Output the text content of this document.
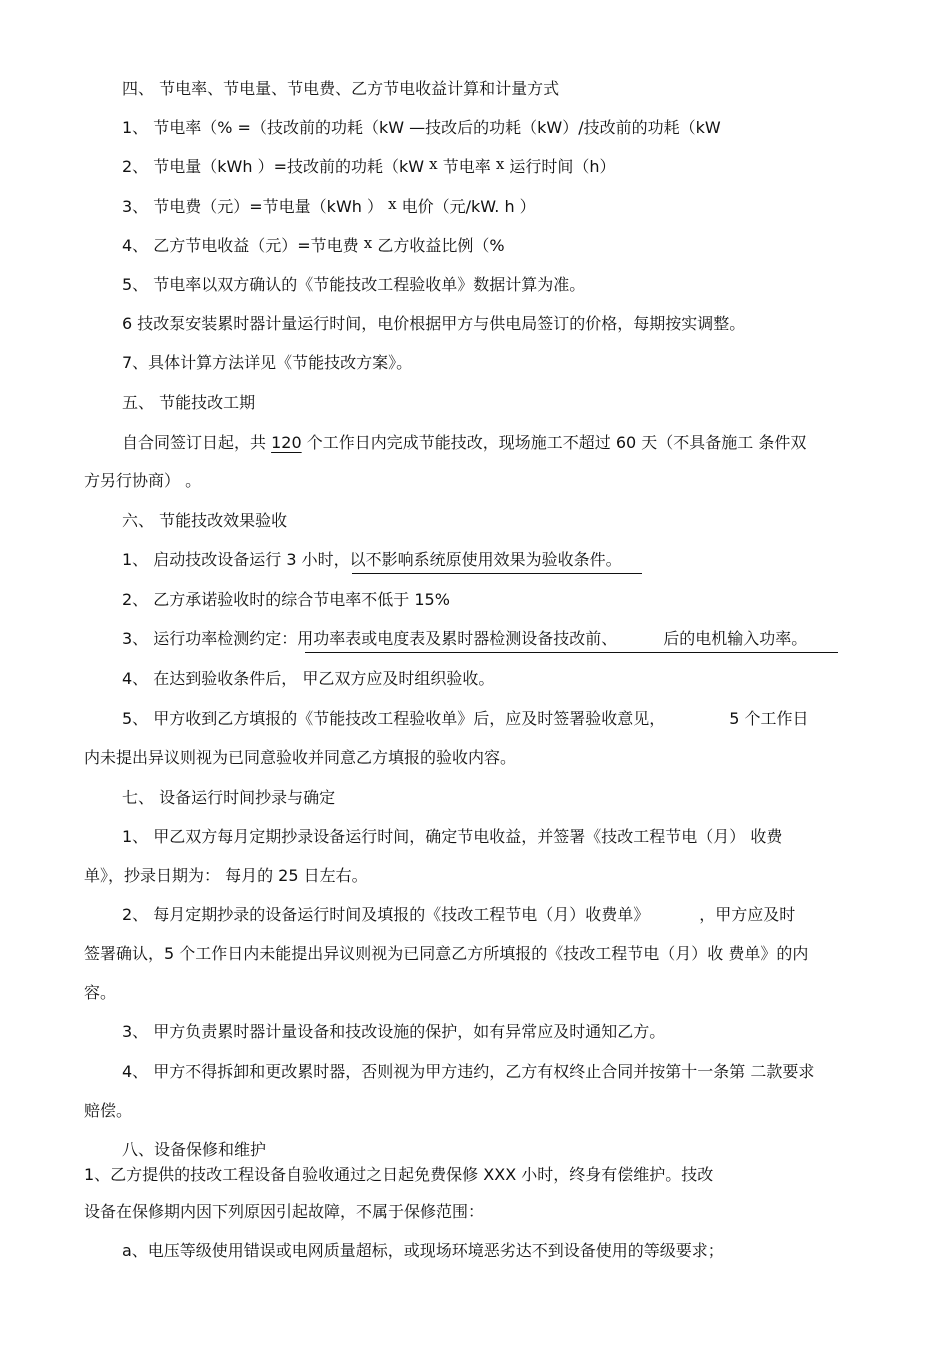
四、 节电率、节电量、节电费、乙方节电收益计算和计量方式
1、 节电率（% =（技改前的功耗（kW —技改后的功耗（kW）/技改前的功耗（kW
2、 节电量（kWh ）=技改前的功耗（kW x 节电率 x 运行时间（h）
3、 节电费（元）=节电量（kWh ） x 电价（元/kW. h ）
4、 乙方节电收益（元）=节电费 x 乙方收益比例（%
5、 节电率以双方确认的《节能技改工程验收单》数据计算为准。
6 技改泵安装累时器计量运行时间，电价根据甲方与供电局签订的价格，每期按实调整。
7、具体计算方法详见《节能技改方案》。
五、 节能技改工期
自合同签订日起，共 120 个工作日内完成节能技改，现场施工不超过 60 天（不具备施工 条件双
方另行协商） 。
六、 节能技改效果验收
1、 启动技改设备运行 3 小时，以不影响系统原使用效果为验收条件。
2、 乙方承诺验收时的综合节电率不低于 15%
3、 运行功率检测约定：用功率表或电度表及累时器检测设备技改前、	后的电机输入功率。
4、 在达到验收条件后， 甲乙双方应及时组织验收。
5、 甲方收到乙方填报的《节能技改工程验收单》后，应及时签署验收意见，	5 个工作日
内未提出异议则视为已同意验收并同意乙方填报的验收内容。
七、 设备运行时间抄录与确定
1、 甲乙双方每月定期抄录设备运行时间，确定节电收益，并签署《技改工程节电（月） 收费
单》，抄录日期为： 每月的 25 日左右。
2、 每月定期抄录的设备运行时间及填报的《技改工程节电（月）收费单》	，甲方应及时
签署确认，5 个工作日内未能提出异议则视为已同意乙方所填报的《技改工程节电（月）收 费单》的内
容。
3、 甲方负责累时器计量设备和技改设施的保护，如有异常应及时通知乙方。
4、 甲方不得拆卸和更改累时器，否则视为甲方违约，乙方有权终止合同并按第十一条第 二款要求
赔偿。
八、设备保修和维护
1、乙方提供的技改工程设备自验收通过之日起免费保修 XXX 小时，终身有偿维护。技改
设备在保修期内因下列原因引起故障，不属于保修范围：
a、电压等级使用错误或电网质量超标，或现场环境恶劣达不到设备使用的等级要求；
